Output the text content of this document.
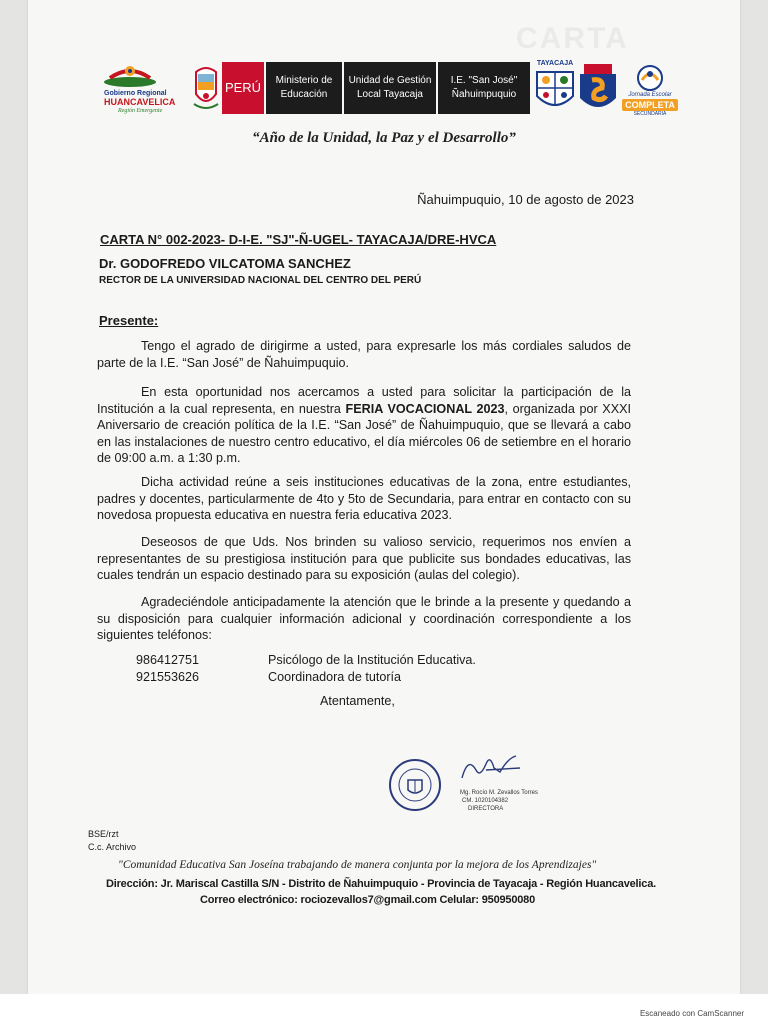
CARTA
Gobierno Regional
HUANCAVELICA
Región Emergente
PERÚ	Ministerio de
Educación
Unidad de Gestión
Local Tayacaja
I.E. "San José"
Ñahuimpuquio
TAYACAJA
Jornada Escolar
COMPLETA
SECUNDARIA
“Año de la Unidad, la Paz y el Desarrollo”
Ñahuimpuquio, 10 de agosto de 2023
CARTA N° 002-2023- D-I-E. "SJ"-Ñ-UGEL- TAYACAJA/DRE-HVCA
Dr. GODOFREDO VILCATOMA SANCHEZ
RECTOR DE LA UNIVERSIDAD NACIONAL DEL CENTRO DEL PERÚ
Presente:

Tengo el agrado de dirigirme a usted, para expresarle los más cordiales saludos de parte de la I.E. “San José” de Ñahuimpuquio.

En esta oportunidad nos acercamos a usted para solicitar la participación de la Institución a la cual representa, en nuestra FERIA VOCACIONAL 2023, organizada por XXXI Aniversario de creación política de la I.E. “San José” de Ñahuimpuquio, que se llevará a cabo en las instalaciones de nuestro centro educativo, el día miércoles 06 de setiembre en el horario de 09:00 a.m. a 1:30 p.m.

Dicha actividad reúne a seis instituciones educativas de la zona, entre estudiantes, padres y docentes, particularmente de 4to y 5to de Secundaria, para entrar en contacto con su novedosa propuesta educativa en nuestra feria educativa 2023.

Deseosos de que Uds. Nos brinden su valioso servicio, requerimos nos envíen a representantes de su prestigiosa institución para que publicite sus bondades educativas, las cuales tendrán un espacio destinado para su exposición (aulas del colegio).

Agradeciéndole anticipadamente la atención que le brinde a la presente y quedando a su disposición para cualquier información adicional y coordinación correspondiente a los siguientes teléfonos:

986412751	Psicólogo de la Institución Educativa.
921553626	Coordinadora de tutoría
Atentamente,
Mg. Rocío M. Zevallos Torres
CM. 1020104382
DIRECTORA
BSE/rzt
C.c. Archivo
"Comunidad Educativa San Joseína trabajando de manera conjunta por la mejora de los Aprendizajes"
Dirección: Jr. Mariscal Castilla S/N - Distrito de Ñahuimpuquio - Provincia de Tayacaja - Región Huancavelica.
Correo electrónico: rociozevallos7@gmail.com Celular: 950950080
Escaneado con CamScanner
